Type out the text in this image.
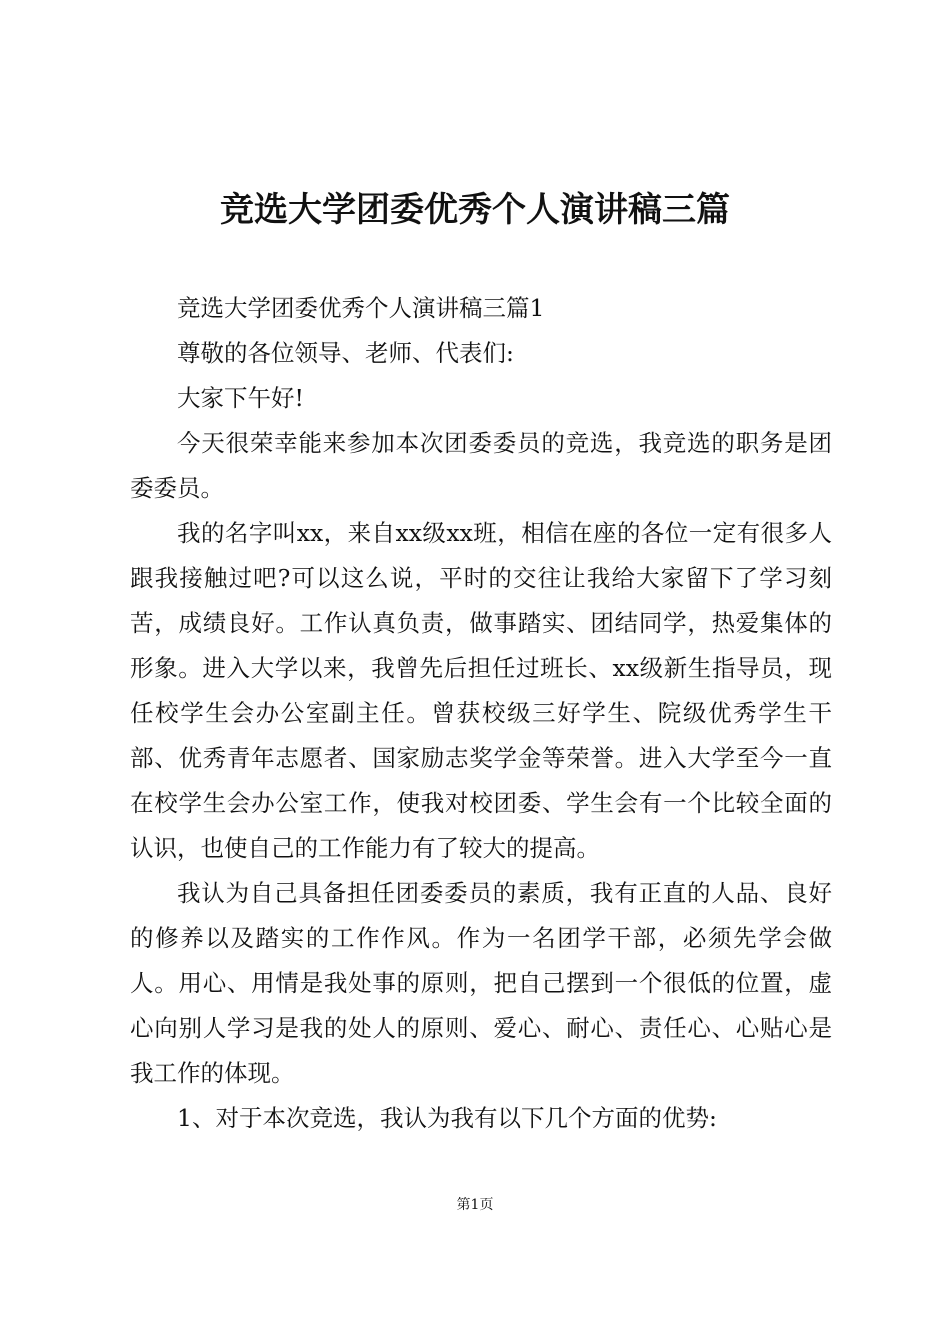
竞选大学团委优秀个人演讲稿三篇

竞选大学团委优秀个人演讲稿三篇1

尊敬的各位领导、老师、代表们:

大家下午好!

今天很荣幸能来参加本次团委委员的竞选，我竞选的职务是团委委员。

我的名字叫xx，来自xx级xx班，相信在座的各位一定有很多人跟我接触过吧?可以这么说，平时的交往让我给大家留下了学习刻苦，成绩良好。工作认真负责，做事踏实、团结同学，热爱集体的形象。进入大学以来，我曾先后担任过班长、xx级新生指导员，现任校学生会办公室副主任。曾获校级三好学生、院级优秀学生干部、优秀青年志愿者、国家励志奖学金等荣誉。进入大学至今一直在校学生会办公室工作，使我对校团委、学生会有一个比较全面的认识，也使自己的工作能力有了较大的提高。

我认为自己具备担任团委委员的素质，我有正直的人品、良好的修养以及踏实的工作作风。作为一名团学干部，必须先学会做人。用心、用情是我处事的原则，把自己摆到一个很低的位置，虚心向别人学习是我的处人的原则、爱心、耐心、责任心、心贴心是我工作的体现。

1、对于本次竞选，我认为我有以下几个方面的优势:

第1页
